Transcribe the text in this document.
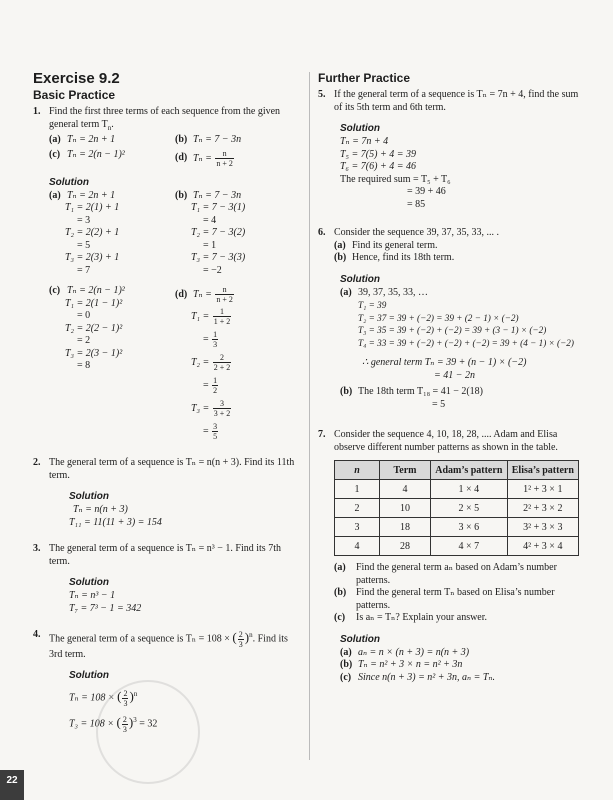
Exercise 9.2
Basic Practice
1. Find the first three terms of each sequence from the given general term $T_n$.
(a) Tₙ = 2n + 1	(b) Tₙ = 7 − 3n
(c) Tₙ = 2(n − 1)²	(d) $T_n = \frac{n}{n + 2}$
Solution
(a) Tₙ = 2n + 1
T₁ = 2(1) + 1
= 3
T₂ = 2(2) + 1
= 5
T₃ = 2(3) + 1
= 7
(b) Tₙ = 7 − 3n
T₁ = 7 − 3(1)
= 4
T₂ = 7 − 3(2)
= 1
T₃ = 7 − 3(3)
= −2
(c) Tₙ = 2(n − 1)²
T₁ = 2(1 − 1)²
= 0
T₂ = 2(2 − 1)²
= 2
T₃ = 2(3 − 1)²
= 8
(d) $T_n = \frac{n}{n + 2}$
$T_1 = \frac{1}{1 + 2}$
= $\frac{1}{3}$
$T_2 = \frac{2}{2 + 2}$
= $\frac{1}{2}$
$T_3 = \frac{3}{3 + 2}$
= $\frac{3}{5}$
2. The general term of a sequence is Tₙ = n(n + 3). Find its 11th term.
Solution
Tₙ = n(n + 3)
T₁₁ = 11(11 + 3) = 154
3. The general term of a sequence is Tₙ = n³ − 1. Find its 7th term.
Solution
Tₙ = n³ − 1
T₇ = 7³ − 1 = 342
4. The general term of a sequence is Tₙ = 108 × ( $\frac{2}{3} )^n$. Find its 3rd term.
Solution
Tₙ = 108 × ( $\frac{2}{3} )^n$
T₃ = 108 × ( $\frac{2}{3} )^3 = 32$
Further Practice
5. If the general term of a sequence is Tₙ = 7n + 4, find the sum of its 5th term and 6th term.
Solution
Tₙ = 7n + 4
T₅ = 7(5) + 4 = 39
T₆ = 7(6) + 4 = 46
The required sum = T₅ + T₆
= 39 + 46
= 85
6. Consider the sequence 39, 37, 35, 33, ... .
(a) Find its general term.
(b) Hence, find its 18th term.
Solution
(a) 39, 37, 35, 33, …
T₁ = 39
T₂ = 37 = 39 + (−2) = 39 + (2 − 1) × (−2)
T₃ = 35 = 39 + (−2) + (−2) = 39 + (3 − 1) × (−2)
T₄ = 33 = 39 + (−2) + (−2) + (−2) = 39 + (4 − 1) × (−2)
∴ general term Tₙ = 39 + (n − 1) × (−2)
= 41 − 2n
(b) The 18th term T₁₈ = 41 − 2(18)
= 5
7. Consider the sequence 4, 10, 18, 28, .... Adam and Elisa observe different number patterns as shown in the table.
n	Term	Adam’s pattern	Elisa’s pattern
1	4	1 × 4	1² + 3 × 1
2	10	2 × 5	2² + 3 × 2
3	18	3 × 6	3² + 3 × 3
4	28	4 × 7	4² + 3 × 4
(a) Find the general term aₙ based on Adam’s number patterns.
(b) Find the general term Tₙ based on Elisa’s number patterns.
(c) Is aₙ = Tₙ? Explain your answer.
Solution
(a) aₙ = n × (n + 3) = n(n + 3)
(b) Tₙ = n² + 3 × n = n² + 3n
(c) Since n(n + 3) = n² + 3n, aₙ = Tₙ.
22
